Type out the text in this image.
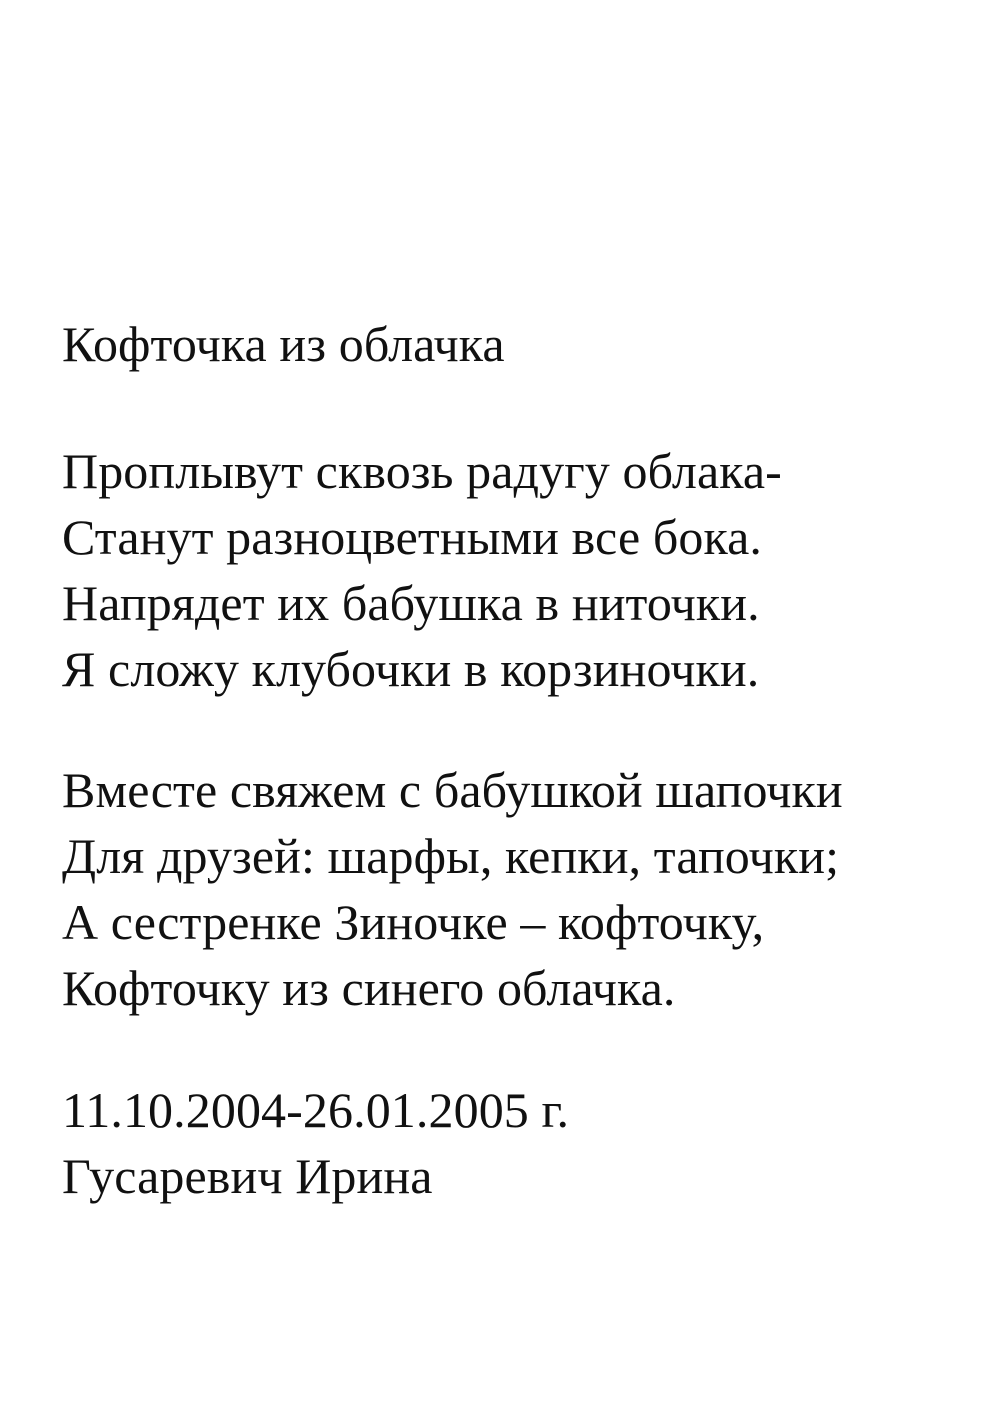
Кофточка из облачка
Проплывут сквозь радугу облака-
Станут разноцветными все бока.
Напрядет их бабушка в ниточки.
Я сложу клубочки в корзиночки.
Вместе свяжем с бабушкой шапочки
Для друзей: шарфы, кепки, тапочки;
А сестренке Зиночке – кофточку,
Кофточку из синего облачка.
11.10.2004-26.01.2005 г.
Гусаревич Ирина
